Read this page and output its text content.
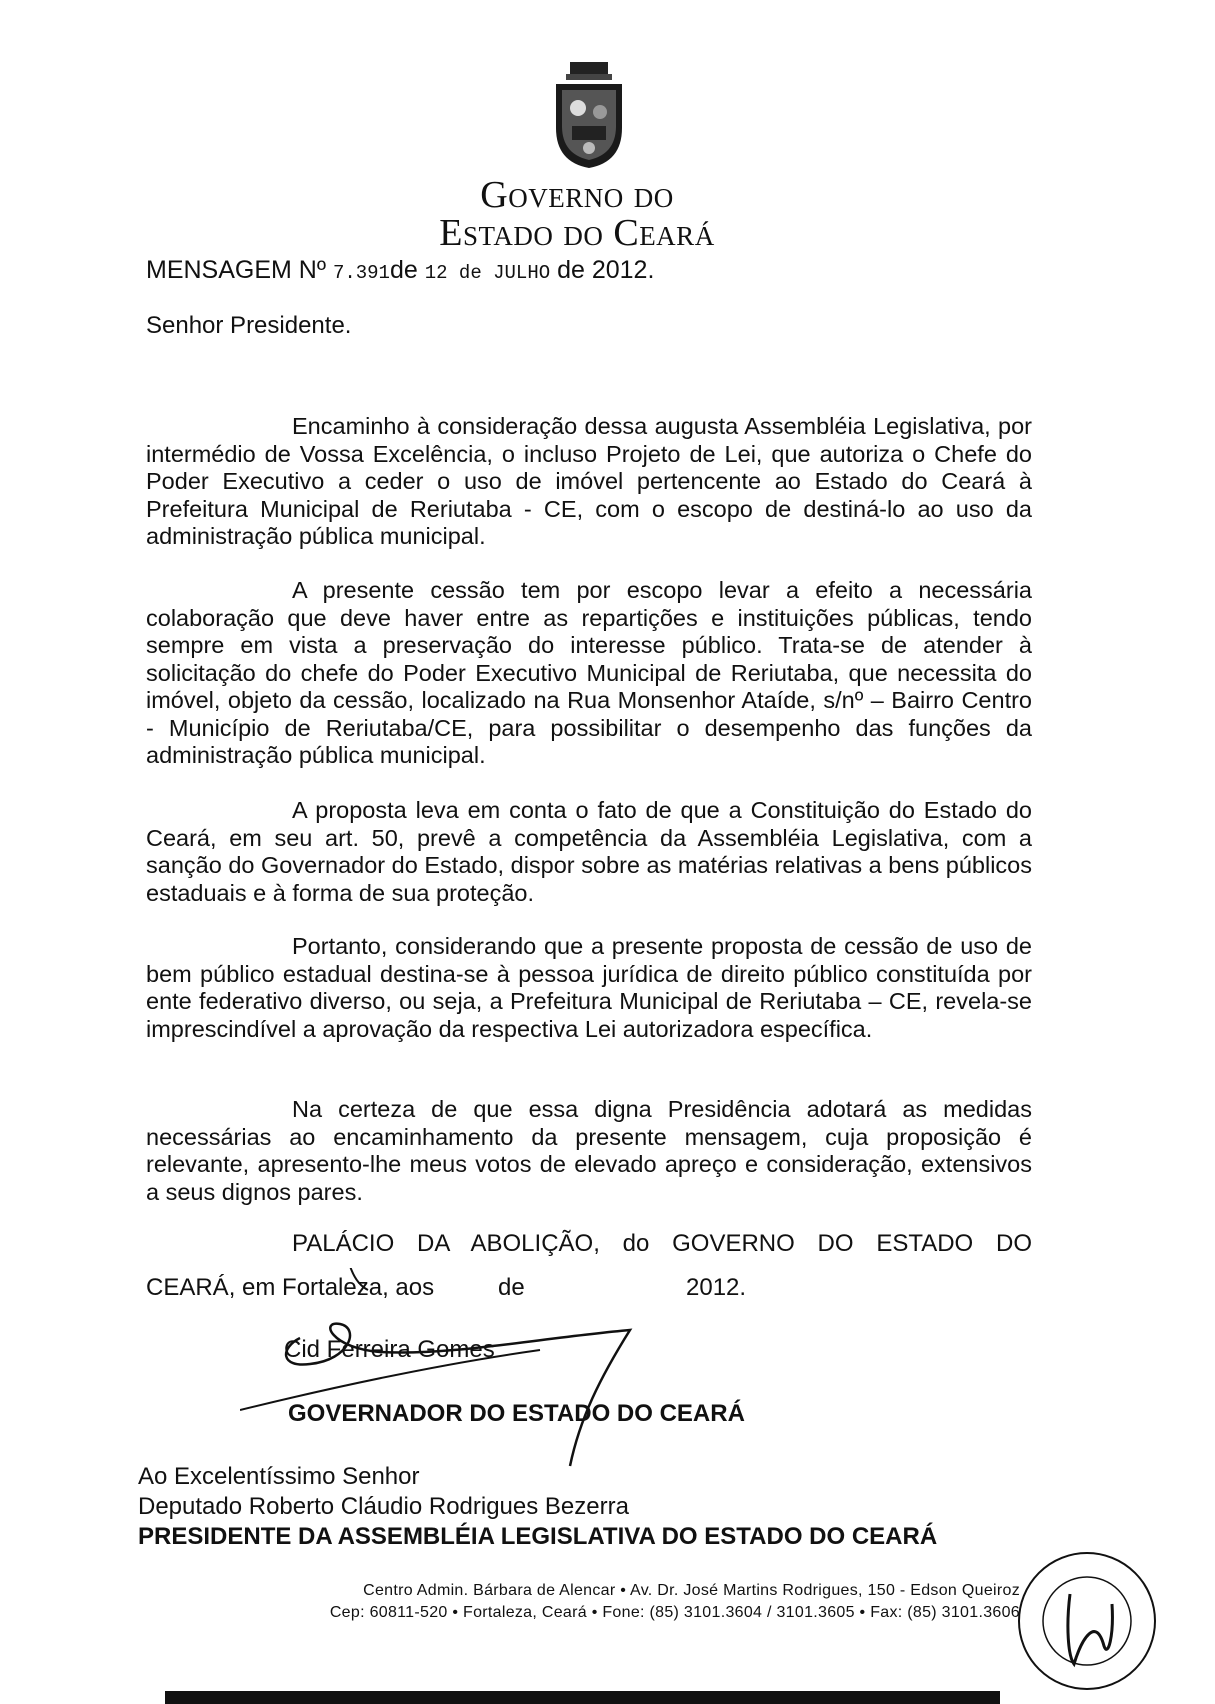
Governo do
Estado do Ceará
MENSAGEM Nº 7.391de 12 de JULHO de 2012.
Senhor Presidente.

Encaminho à consideração dessa augusta Assembléia Legislativa, por intermédio de Vossa Excelência, o incluso Projeto de Lei, que autoriza o Chefe do Poder Executivo a ceder o uso de imóvel pertencente ao Estado do Ceará à Prefeitura Municipal de Reriutaba - CE, com o escopo de destiná-lo ao uso da administração pública municipal.

A presente cessão tem por escopo levar a efeito a necessária colaboração que deve haver entre as repartições e instituições públicas, tendo sempre em vista a preservação do interesse público. Trata-se de atender à solicitação do chefe do Poder Executivo Municipal de Reriutaba, que necessita do imóvel, objeto da cessão, localizado na Rua Monsenhor Ataíde, s/nº – Bairro Centro - Município de Reriutaba/CE, para possibilitar o desempenho das funções da administração pública municipal.

A proposta leva em conta o fato de que a Constituição do Estado do Ceará, em seu art. 50, prevê a competência da Assembléia Legislativa, com a sanção do Governador do Estado, dispor sobre as matérias relativas a bens públicos estaduais e à forma de sua proteção.

Portanto, considerando que a presente proposta de cessão de uso de bem público estadual destina-se à pessoa jurídica de direito público constituída por ente federativo diverso, ou seja, a Prefeitura Municipal de Reriutaba – CE, revela-se imprescindível a aprovação da respectiva Lei autorizadora específica.

Na certeza de que essa digna Presidência adotará as medidas necessárias ao encaminhamento da presente mensagem, cuja proposição é relevante, apresento-lhe meus votos de elevado apreço e consideração, extensivos a seus dignos pares.

PALÁCIO DA ABOLIÇÃO, do GOVERNO DO ESTADO DO
CEARÁ, em Fortaleza, aos	de	2012.
Cid Ferreira Gomes
GOVERNADOR DO ESTADO DO CEARÁ
Ao Excelentíssimo Senhor
Deputado Roberto Cláudio Rodrigues Bezerra
PRESIDENTE DA ASSEMBLÉIA LEGISLATIVA DO ESTADO DO CEARÁ
Centro Admin. Bárbara de Alencar • Av. Dr. José Martins Rodrigues, 150 - Edson Queiroz
Cep: 60811-520 • Fortaleza, Ceará • Fone: (85) 3101.3604 / 3101.3605 • Fax: (85) 3101.3606
